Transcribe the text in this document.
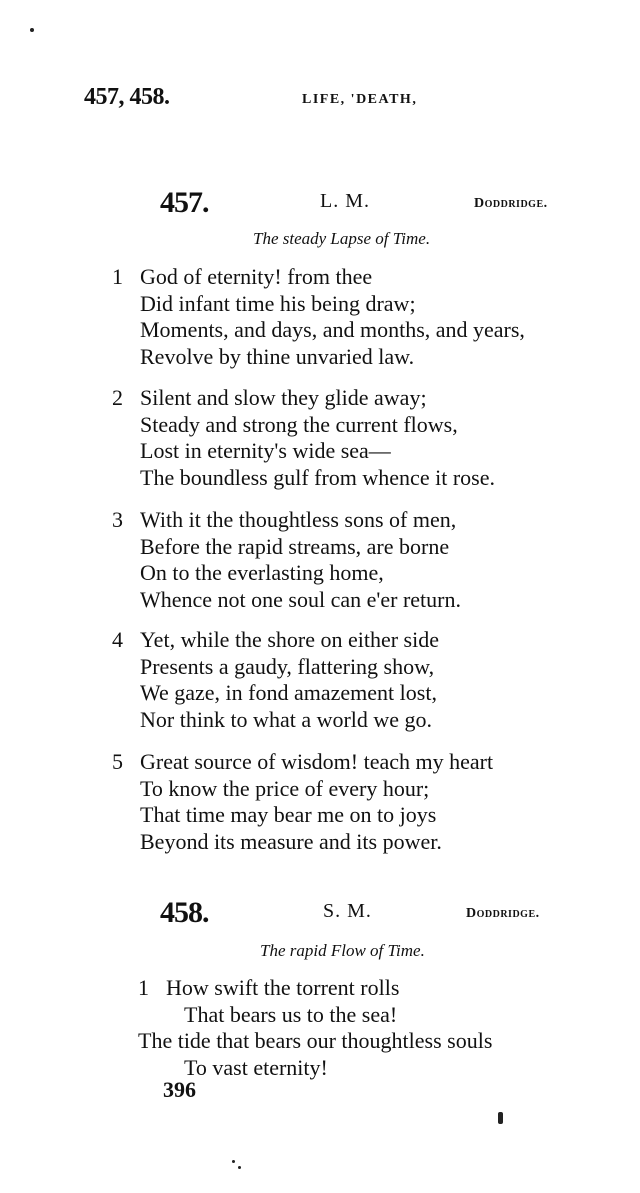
457, 458.	LIFE, 'DEATH,
457.	L. M.	Doddridge.
The steady Lapse of Time.
1 God of eternity! from thee
Did infant time his being draw;
Moments, and days, and months, and years,
Revolve by thine unvaried law.
2 Silent and slow they glide away;
Steady and strong the current flows,
Lost in eternity's wide sea—
The boundless gulf from whence it rose.
3 With it the thoughtless sons of men,
Before the rapid streams, are borne
On to the everlasting home,
Whence not one soul can e'er return.
4 Yet, while the shore on either side
Presents a gaudy, flattering show,
We gaze, in fond amazement lost,
Nor think to what a world we go.
5 Great source of wisdom! teach my heart
To know the price of every hour;
That time may bear me on to joys
Beyond its measure and its power.
458.	S. M.	Doddridge.
The rapid Flow of Time.
1 How swift the torrent rolls
That bears us to the sea!
The tide that bears our thoughtless souls
To vast eternity!
396
